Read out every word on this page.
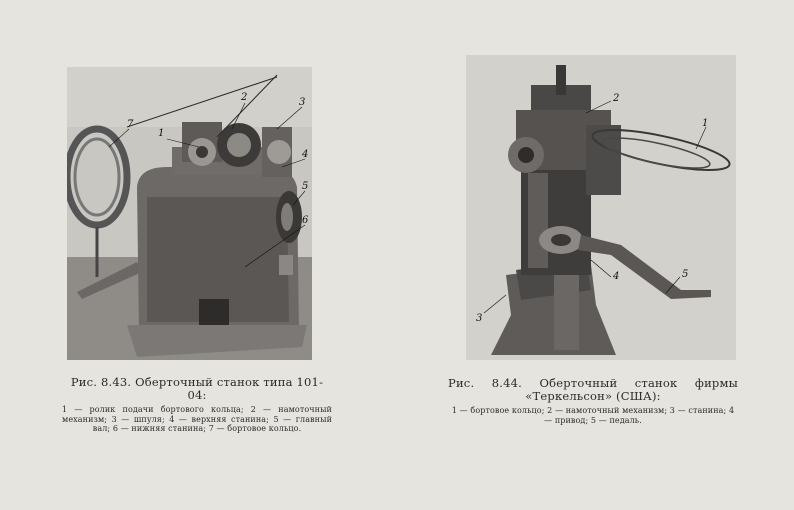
1
2	3
4
5
6
7
Рис. 8.43. Оберточный станок типа 101-04:
1 — ролик подачи бортового кольца; 2 — намоточный механизм; 3 — шпуля; 4 — верхняя станина; 5 — главный вал; 6 — нижняя станина; 7 — бортовое кольцо.
1
2
3
4	5
Рис. 8.44. Оберточный станок фирмы «Теркельсон» (США):
1 — бортовое кольцо; 2 — намоточный механизм; 3 — станина; 4 — привод; 5 — педаль.
